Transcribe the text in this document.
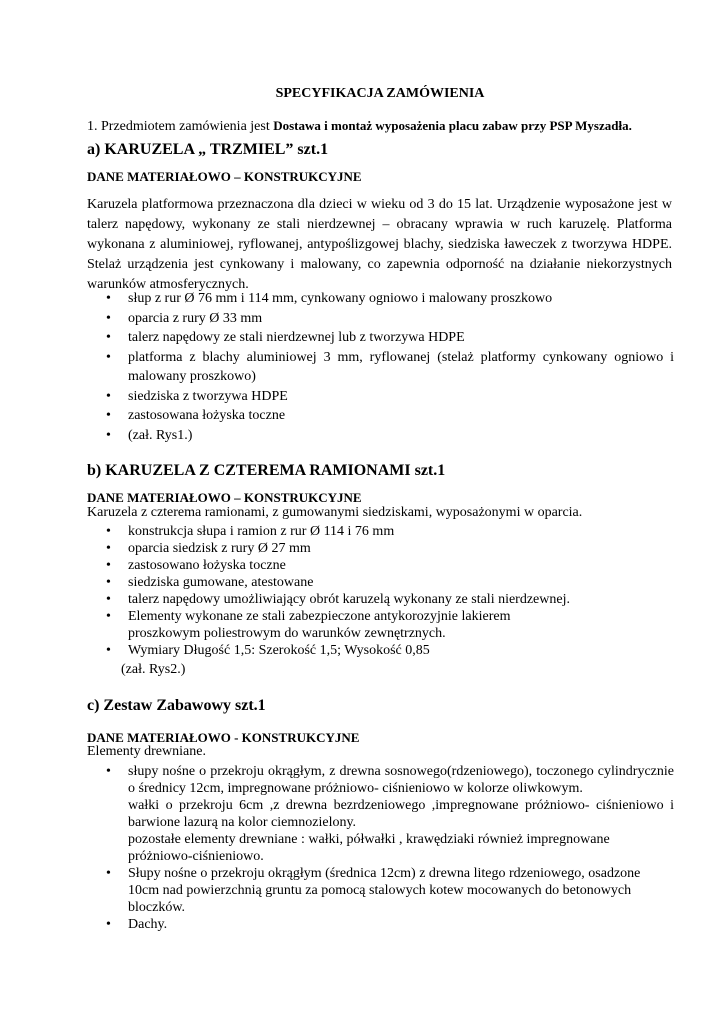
SPECYFIKACJA ZAMÓWIENIA
1. Przedmiotem zamówienia jest Dostawa i montaż wyposażenia placu zabaw przy PSP Myszadła.
a) KARUZELA „ TRZMIEL” szt.1
DANE MATERIAŁOWO – KONSTRUKCYJNE
Karuzela platformowa przeznaczona dla dzieci w wieku od 3 do 15 lat. Urządzenie wyposażone jest w talerz napędowy, wykonany ze stali nierdzewnej – obracany wprawia w ruch karuzelę. Platforma wykonana z aluminiowej, ryflowanej, antypoślizgowej blachy, siedziska ławeczek z tworzywa HDPE. Stelaż urządzenia jest cynkowany i malowany, co zapewnia odporność na działanie niekorzystnych warunków atmosferycznych.
• słup z rur Ø 76 mm i 114 mm, cynkowany ogniowo i malowany proszkowo
• oparcia z rury Ø 33 mm
• talerz napędowy ze stali nierdzewnej lub z tworzywa HDPE
• platforma z blachy aluminiowej 3 mm, ryflowanej (stelaż platformy cynkowany ogniowo i malowany proszkowo)
• siedziska z tworzywa HDPE
• zastosowana łożyska toczne
• (zał. Rys1.)
b) KARUZELA Z CZTEREMA RAMIONAMI szt.1
DANE MATERIAŁOWO – KONSTRUKCYJNE
Karuzela z czterema ramionami, z gumowanymi siedziskami, wyposażonymi w oparcia.
• konstrukcja słupa i ramion z rur Ø 114 i 76 mm
• oparcia siedzisk z rury Ø 27 mm
• zastosowano łożyska toczne
• siedziska gumowane, atestowane
• talerz napędowy umożliwiający obrót karuzelą wykonany ze stali nierdzewnej.
• Elementy wykonane ze stali zabezpieczone antykorozyjnie lakierem proszkowym poliestrowym do warunków zewnętrznych.
• Wymiary Długość 1,5: Szerokość 1,5; Wysokość 0,85
(zał. Rys2.)
c) Zestaw Zabawowy szt.1
DANE MATERIAŁOWO - KONSTRUKCYJNE
Elementy drewniane.
• słupy nośne o przekroju okrągłym, z drewna sosnowego(rdzeniowego), toczonego cylindrycznie o średnicy 12cm, impregnowane próżniowo- ciśnieniowo w kolorze oliwkowym.
wałki o przekroju 6cm ,z drewna bezrdzeniowego ,impregnowane próżniowo- ciśnieniowo i barwione lazurą na kolor ciemnozielony.
pozostałe elementy drewniane : wałki, półwałki , krawędziaki również impregnowane próżniowo-ciśnieniowo.
• Słupy nośne o przekroju okrągłym (średnica 12cm) z drewna litego rdzeniowego, osadzone 10cm nad powierzchnią gruntu za pomocą stalowych kotew mocowanych do betonowych bloczków.
• Dachy.
